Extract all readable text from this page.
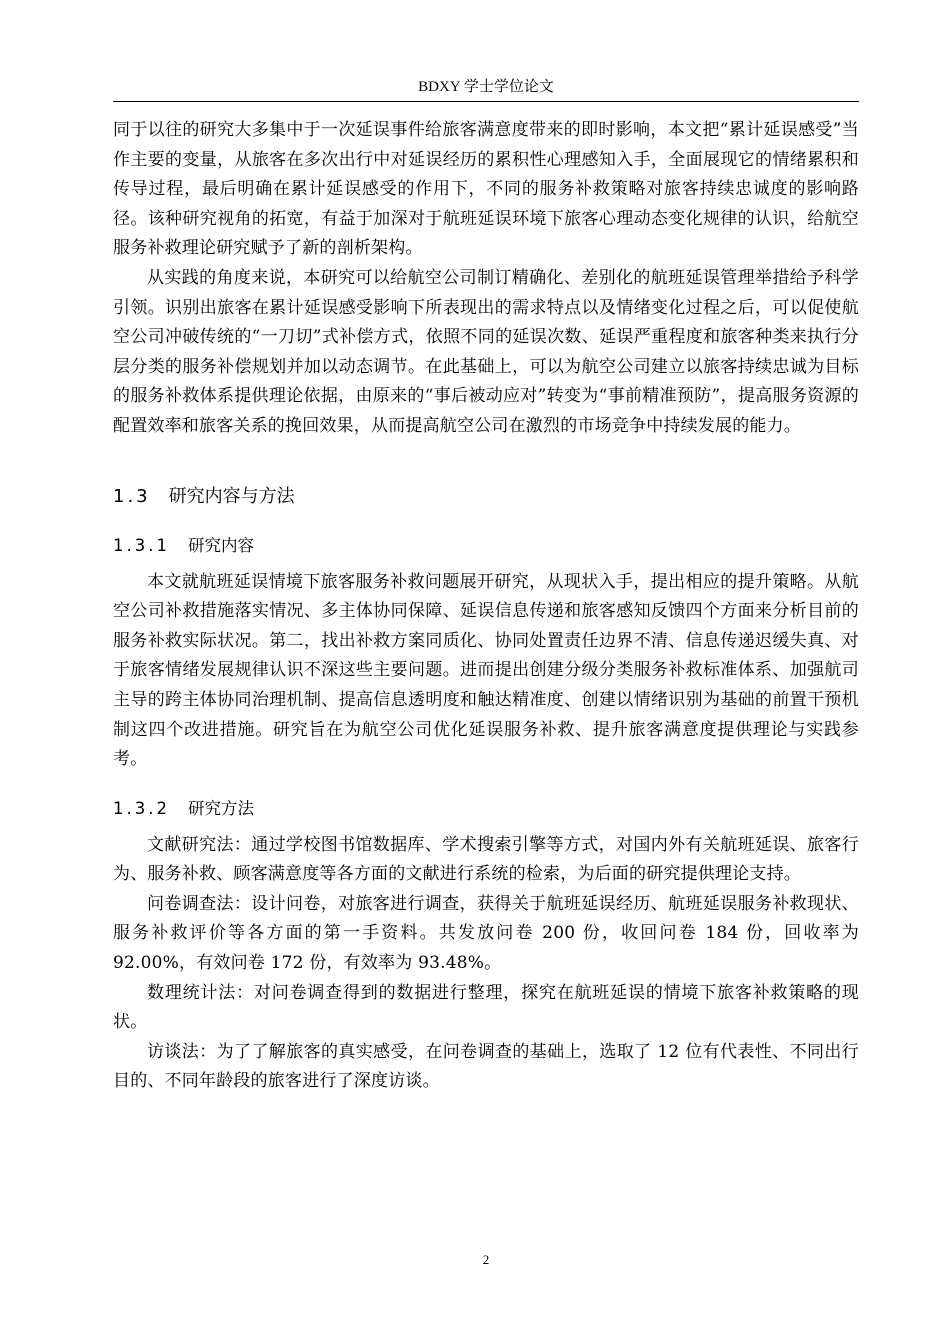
BDXY 学士学位论文

同于以往的研究大多集中于一次延误事件给旅客满意度带来的即时影响，本文把“累计延误感受”当作主要的变量，从旅客在多次出行中对延误经历的累积性心理感知入手，全面展现它的情绪累积和传导过程，最后明确在累计延误感受的作用下，不同的服务补救策略对旅客持续忠诚度的影响路径。该种研究视角的拓宽，有益于加深对于航班延误环境下旅客心理动态变化规律的认识，给航空服务补救理论研究赋予了新的剖析架构。

从实践的角度来说，本研究可以给航空公司制订精确化、差别化的航班延误管理举措给予科学引领。识别出旅客在累计延误感受影响下所表现出的需求特点以及情绪变化过程之后，可以促使航空公司冲破传统的“一刀切”式补偿方式，依照不同的延误次数、延误严重程度和旅客种类来执行分层分类的服务补偿规划并加以动态调节。在此基础上，可以为航空公司建立以旅客持续忠诚为目标的服务补救体系提供理论依据，由原来的“事后被动应对”转变为“事前精准预防”，提高服务资源的配置效率和旅客关系的挽回效果，从而提高航空公司在激烈的市场竞争中持续发展的能力。

1.3 研究内容与方法
1.3.1 研究内容

本文就航班延误情境下旅客服务补救问题展开研究，从现状入手，提出相应的提升策略。从航空公司补救措施落实情况、多主体协同保障、延误信息传递和旅客感知反馈四个方面来分析目前的服务补救实际状况。第二，找出补救方案同质化、协同处置责任边界不清、信息传递迟缓失真、对于旅客情绪发展规律认识不深这些主要问题。进而提出创建分级分类服务补救标准体系、加强航司主导的跨主体协同治理机制、提高信息透明度和触达精准度、创建以情绪识别为基础的前置干预机制这四个改进措施。研究旨在为航空公司优化延误服务补救、提升旅客满意度提供理论与实践参考。

1.3.2 研究方法

文献研究法：通过学校图书馆数据库、学术搜索引擎等方式，对国内外有关航班延误、旅客行为、服务补救、顾客满意度等各方面的文献进行系统的检索，为后面的研究提供理论支持。

问卷调查法：设计问卷，对旅客进行调查，获得关于航班延误经历、航班延误服务补救现状、服务补救评价等各方面的第一手资料。共发放问卷 200 份，收回问卷 184 份，回收率为 92.00%，有效问卷 172 份，有效率为 93.48%。

数理统计法：对问卷调查得到的数据进行整理，探究在航班延误的情境下旅客补救策略的现状。

访谈法：为了了解旅客的真实感受，在问卷调查的基础上，选取了 12 位有代表性、不同出行目的、不同年龄段的旅客进行了深度访谈。

2
